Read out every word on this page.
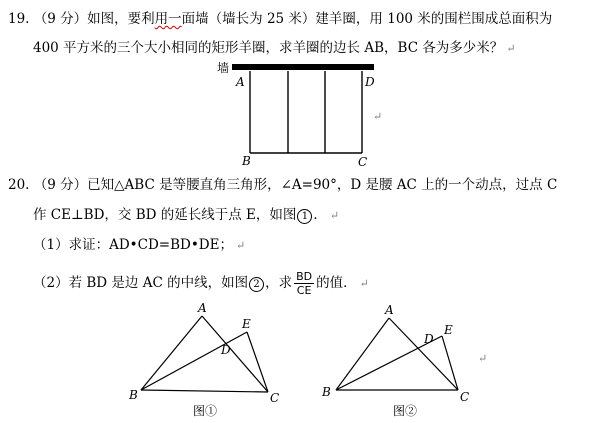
19. （9 分）如图，要利用一面墙（墙长为 25 米）建羊圈，用 100 米的围栏围成总面积为
400 平方米的三个大小相同的矩形羊圈，求羊圈的边长 AB，BC 各为多少米？ ↵
20. （9 分）已知△ABC 是等腰直角三角形，∠A=90°，D 是腰 AC 上的一个动点，过点 C
作 CE⊥BD，交 BD 的延长线于点 E，如图 1 ． ↵
（1）求证：AD•CD=BD•DE； ↵
（2）若 BD 是边 AC 的中线，如图 2 ，求 $\frac{BD}{CE}$ 的值． ↵
墙
A	D
B	C
↵
A
B	C
D
E
图①
A
B	C
D
E
图②
↵
